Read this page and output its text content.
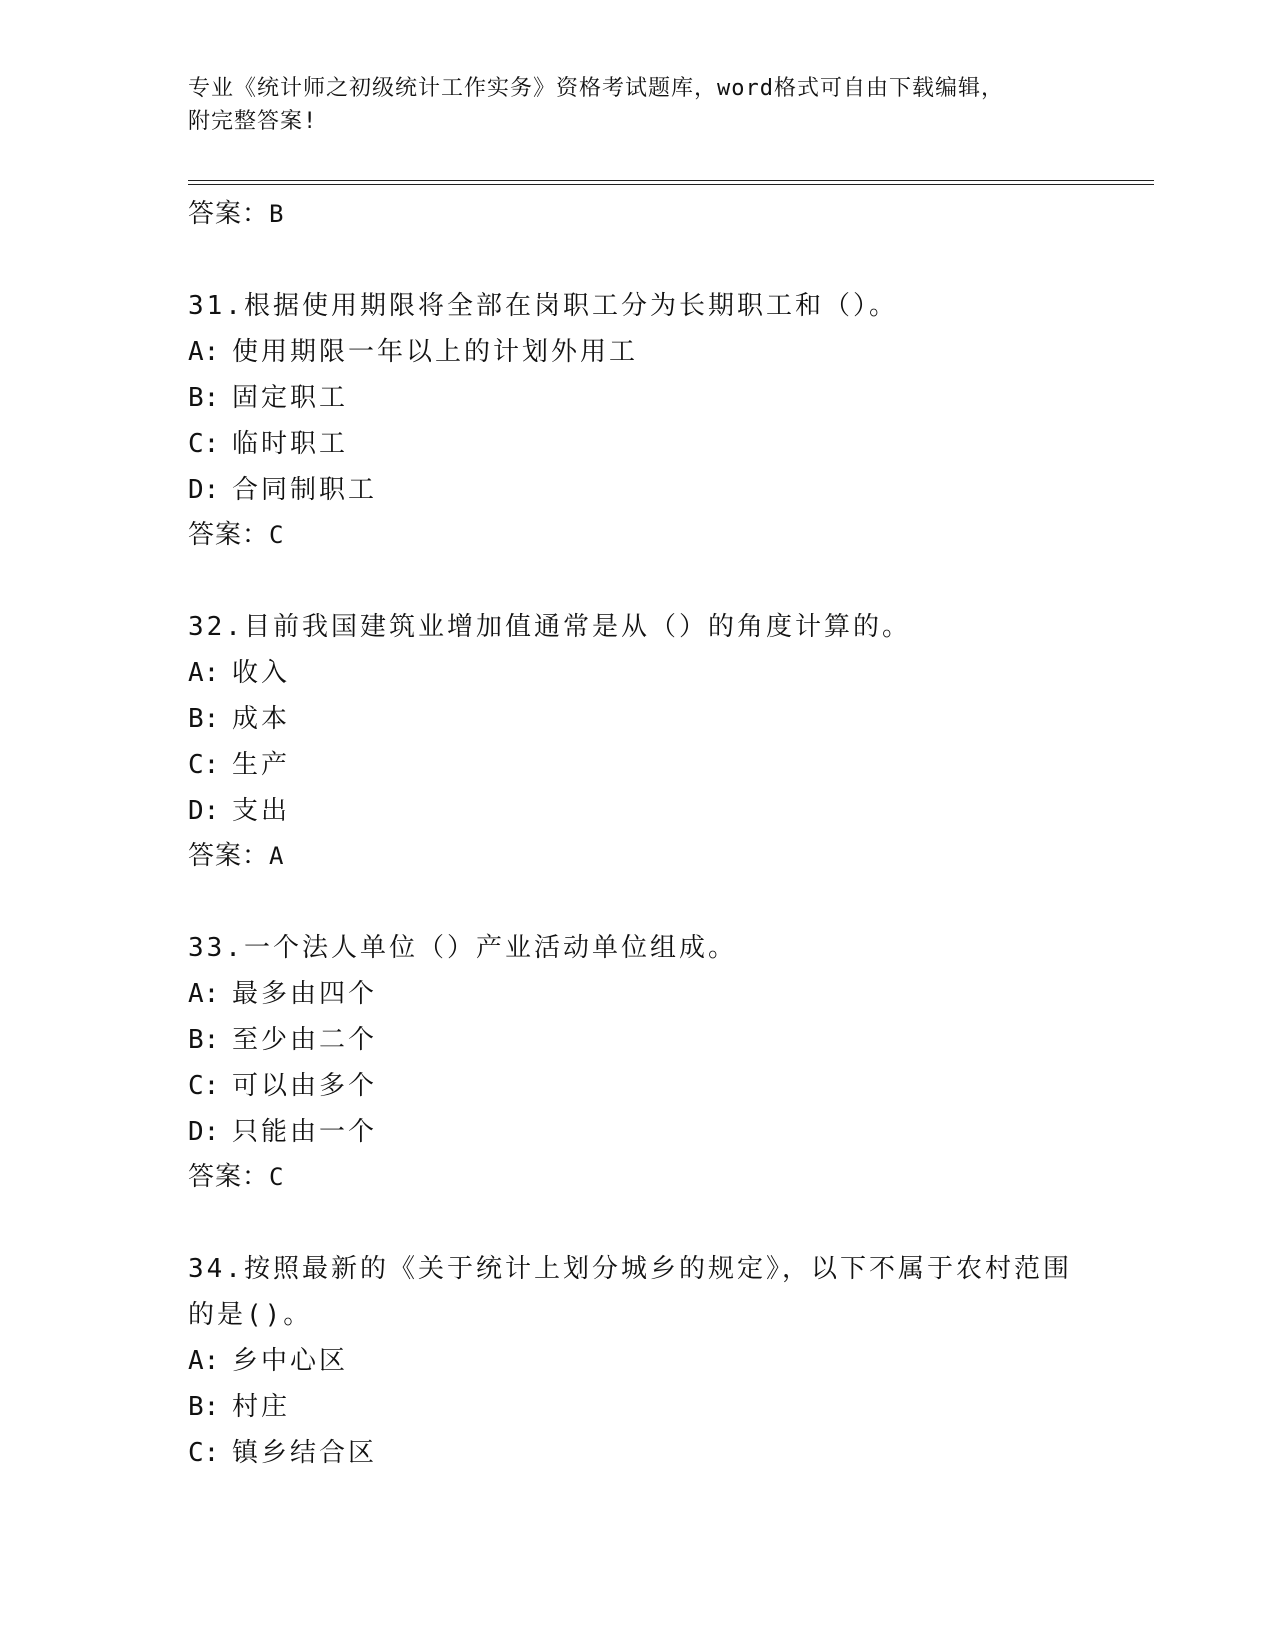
专业《统计师之初级统计工作实务》资格考试题库，word格式可自由下载编辑，
附完整答案!
答案：B
31.根据使用期限将全部在岗职工分为长期职工和（）。
A: 使用期限一年以上的计划外用工
B: 固定职工
C: 临时职工
D: 合同制职工
答案：C
32.目前我国建筑业增加值通常是从（）的角度计算的。
A: 收入
B: 成本
C: 生产
D: 支出
答案：A
33.一个法人单位（）产业活动单位组成。
A: 最多由四个
B: 至少由二个
C: 可以由多个
D: 只能由一个
答案：C
34.按照最新的《关于统计上划分城乡的规定》，以下不属于农村范围的是()。
A: 乡中心区
B: 村庄
C: 镇乡结合区
